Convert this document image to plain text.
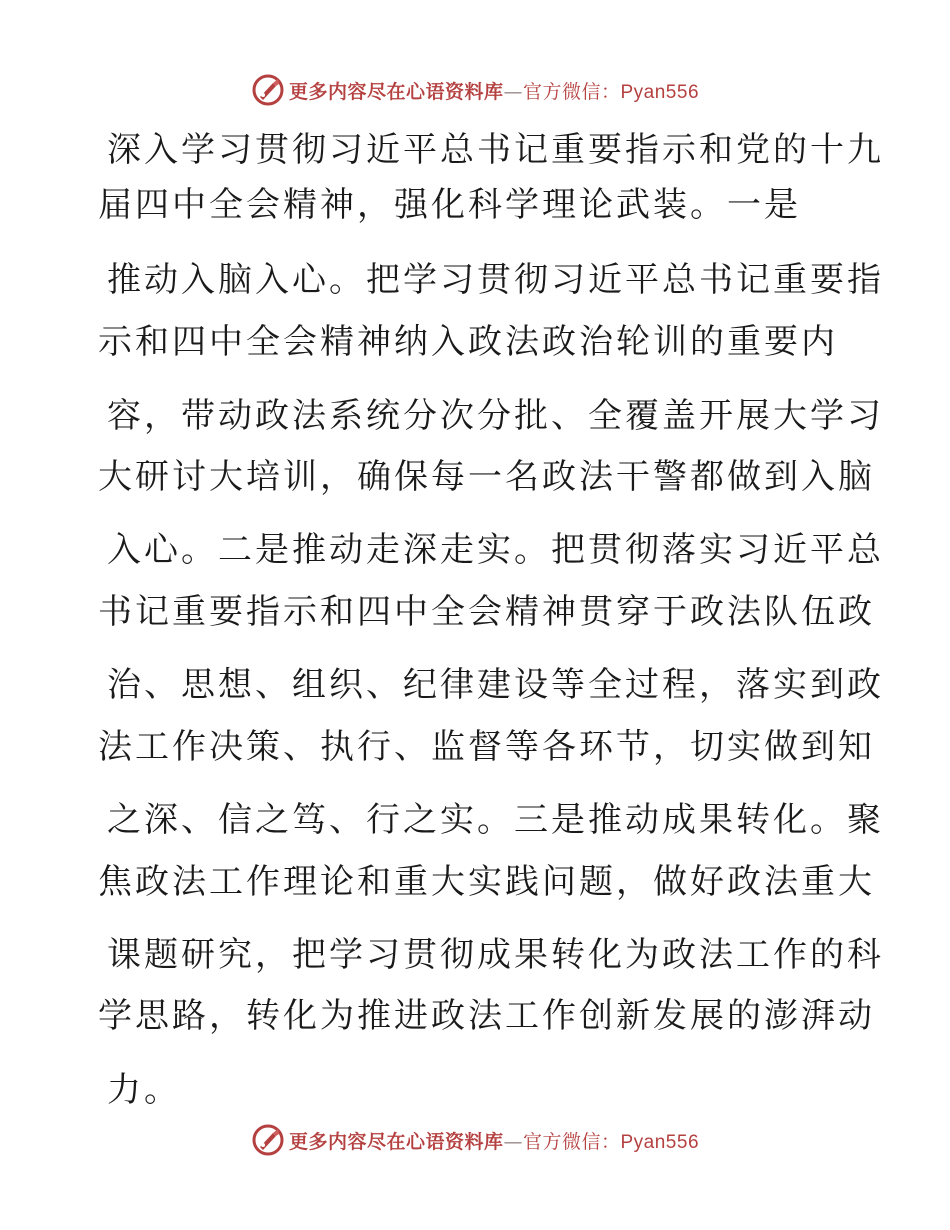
更多内容尽在心语资料库—官方微信：Pyan556
深入学习贯彻习近平总书记重要指示和党的十九
届四中全会精神，强化科学理论武装。一是
推动入脑入心。把学习贯彻习近平总书记重要指
示和四中全会精神纳入政法政治轮训的重要内
容，带动政法系统分次分批、全覆盖开展大学习
大研讨大培训，确保每一名政法干警都做到入脑
入心。二是推动走深走实。把贯彻落实习近平总
书记重要指示和四中全会精神贯穿于政法队伍政
治、思想、组织、纪律建设等全过程，落实到政
法工作决策、执行、监督等各环节，切实做到知
之深、信之笃、行之实。三是推动成果转化。聚
焦政法工作理论和重大实践问题，做好政法重大
课题研究，把学习贯彻成果转化为政法工作的科
学思路，转化为推进政法工作创新发展的澎湃动
力。
更多内容尽在心语资料库—官方微信：Pyan556
